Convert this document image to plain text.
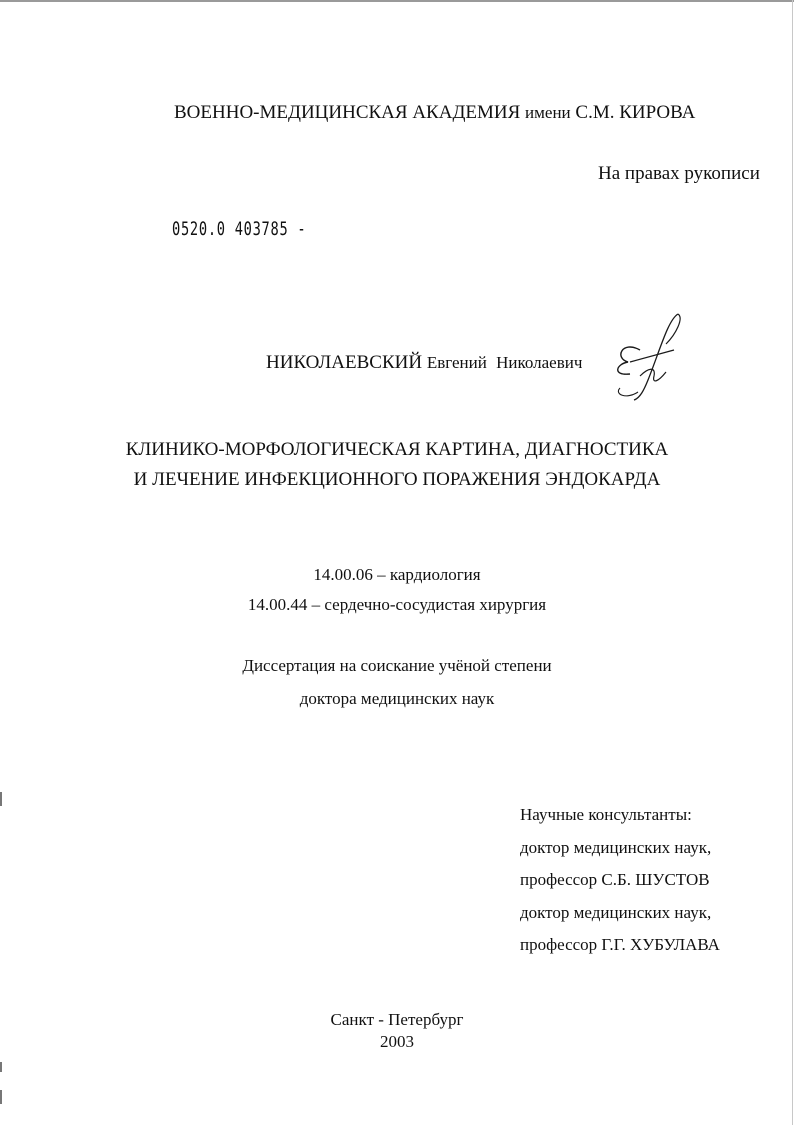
ВОЕННО-МЕДИЦИНСКАЯ АКАДЕМИЯ имени С.М. КИРОВА
На правах рукописи
0520.0 403785 -
НИКОЛАЕВСКИЙ Евгений Николаевич
КЛИНИКО-МОРФОЛОГИЧЕСКАЯ КАРТИНА, ДИАГНОСТИКА
И ЛЕЧЕНИЕ ИНФЕКЦИОННОГО ПОРАЖЕНИЯ ЭНДОКАРДА
14.00.06 – кардиология
14.00.44 – сердечно-сосудистая хирургия
Диссертация на соискание учёной степени
доктора медицинских наук
Научные консультанты:
доктор медицинских наук,
профессор С.Б. ШУСТОВ
доктор медицинских наук,
профессор Г.Г. ХУБУЛАВА
Санкт - Петербург
2003
